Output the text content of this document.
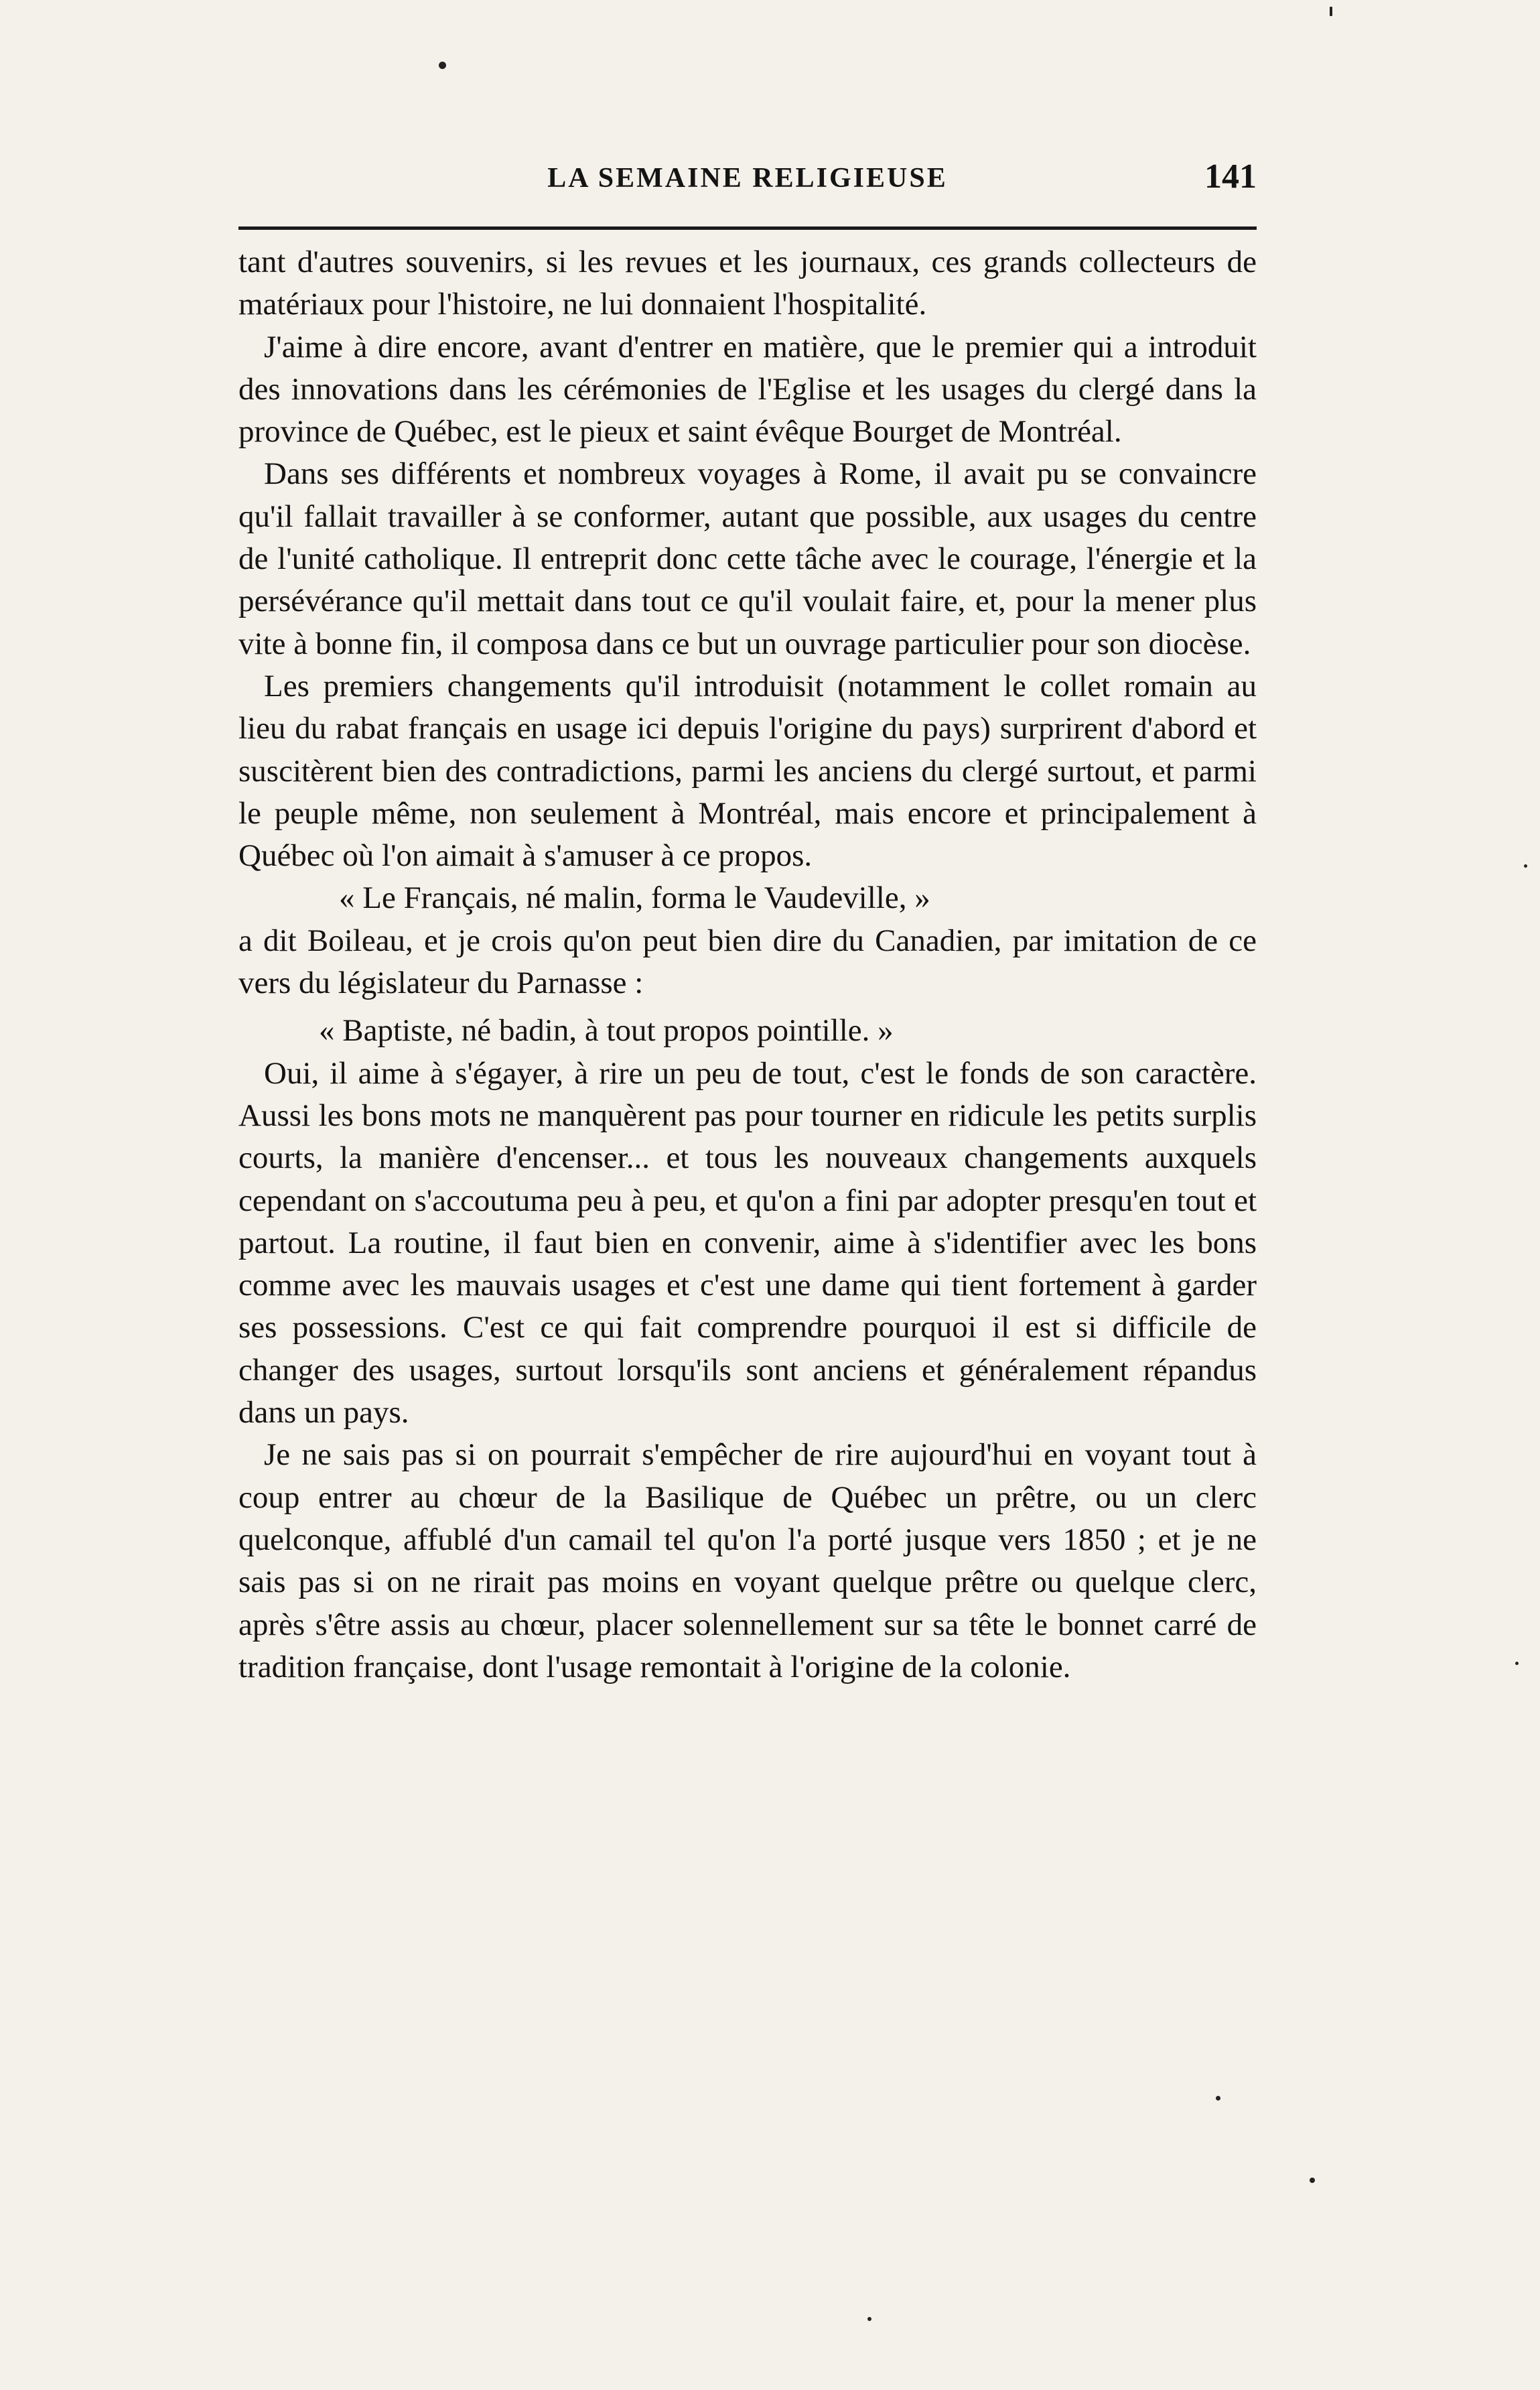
LA SEMAINE RELIGIEUSE	141

tant d'autres souvenirs, si les revues et les journaux, ces grands collecteurs de matériaux pour l'histoire, ne lui donnaient l'hospitalité.

J'aime à dire encore, avant d'entrer en matière, que le premier qui a introduit des innovations dans les cérémonies de l'Eglise et les usages du clergé dans la province de Québec, est le pieux et saint évêque Bourget de Montréal.

Dans ses différents et nombreux voyages à Rome, il avait pu se convaincre qu'il fallait travailler à se conformer, autant que possible, aux usages du centre de l'unité catholique. Il entreprit donc cette tâche avec le courage, l'énergie et la persévérance qu'il mettait dans tout ce qu'il voulait faire, et, pour la mener plus vite à bonne fin, il composa dans ce but un ouvrage particulier pour son diocèse.

Les premiers changements qu'il introduisit (notamment le collet romain au lieu du rabat français en usage ici depuis l'origine du pays) surprirent d'abord et suscitèrent bien des contradictions, parmi les anciens du clergé surtout, et parmi le peuple même, non seulement à Montréal, mais encore et principalement à Québec où l'on aimait à s'amuser à ce propos.

« Le Français, né malin, forma le Vaudeville, »

a dit Boileau, et je crois qu'on peut bien dire du Canadien, par imitation de ce vers du législateur du Parnasse :

« Baptiste, né badin, à tout propos pointille. »

Oui, il aime à s'égayer, à rire un peu de tout, c'est le fonds de son caractère. Aussi les bons mots ne manquèrent pas pour tourner en ridicule les petits surplis courts, la manière d'encenser... et tous les nouveaux changements auxquels cependant on s'accoutuma peu à peu, et qu'on a fini par adopter presqu'en tout et partout. La routine, il faut bien en convenir, aime à s'identifier avec les bons comme avec les mauvais usages et c'est une dame qui tient fortement à garder ses possessions. C'est ce qui fait comprendre pourquoi il est si difficile de changer des usages, surtout lorsqu'ils sont anciens et généralement répandus dans un pays.

Je ne sais pas si on pourrait s'empêcher de rire aujourd'hui en voyant tout à coup entrer au chœur de la Basilique de Québec un prêtre, ou un clerc quelconque, affublé d'un camail tel qu'on l'a porté jusque vers 1850 ; et je ne sais pas si on ne rirait pas moins en voyant quelque prêtre ou quelque clerc, après s'être assis au chœur, placer solennellement sur sa tête le bonnet carré de tradition française, dont l'usage remontait à l'origine de la colonie.
